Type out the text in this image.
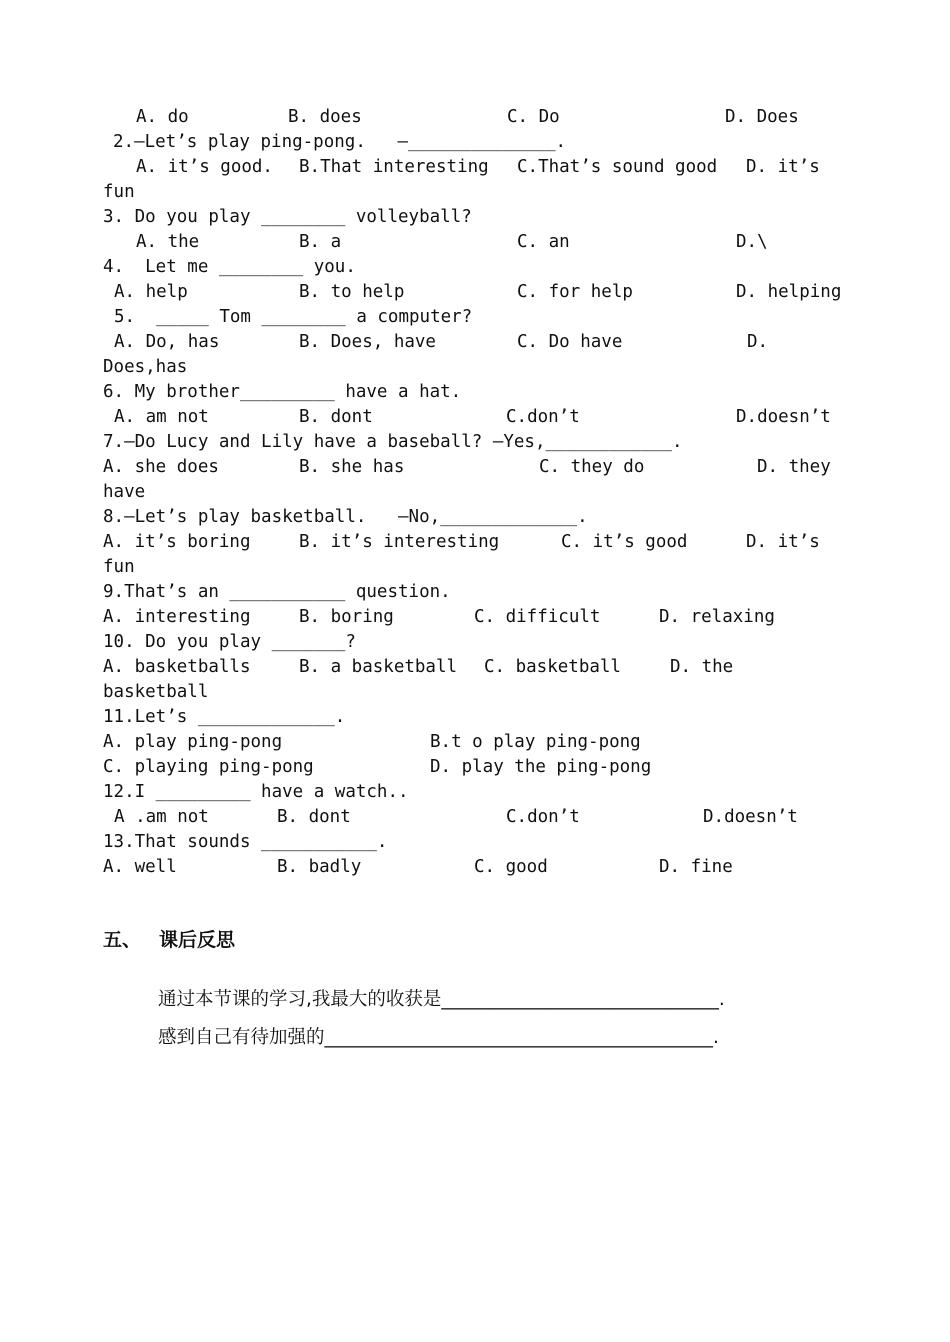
A. do	B. does	C. Do	D. Does
2.—Let’s play ping-pong.   —______________.
A. it’s good. B.That interesting C.That’s sound good D. it’s
fun
3. Do you play ________ volleyball?
A. the	B. a	C. an	D.\
4.  Let me ________ you.
A. help	B. to help	C. for help	D. helping
5.  _____ Tom ________ a computer?
A. Do, has	B. Does, have	C. Do have	D.
Does,has
6. My brother_________ have a hat.
A. am not	B. dont	C.don’t	D.doesn’t
7.—Do Lucy and Lily have a baseball? —Yes,____________.
A. she does	B. she has	C. they do	D. they
have
8.—Let’s play basketball.   —No,_____________.
A. it’s boring	B. it’s interesting	C. it’s good	D. it’s
fun
9.That’s an ___________ question.
A. interesting	B. boring	C. difficult	D. relaxing
10. Do you play _______?
A. basketballs	B. a basketball C. basketball	D. the
basketball
11.Let’s _____________.
A. play ping-pong	B.t o play ping-pong
C. playing ping-pong	D. play the ping-pong
12.I _________ have a watch..
A .am not	B. dont	C.don’t	D.doesn’t
13.That sounds ___________.
A. well	B. badly	C. good	D. fine

五、

课后反思

通过本节课的学习,我最大的收获是______________________________.
感到自己有待加强的__________________________________________.
